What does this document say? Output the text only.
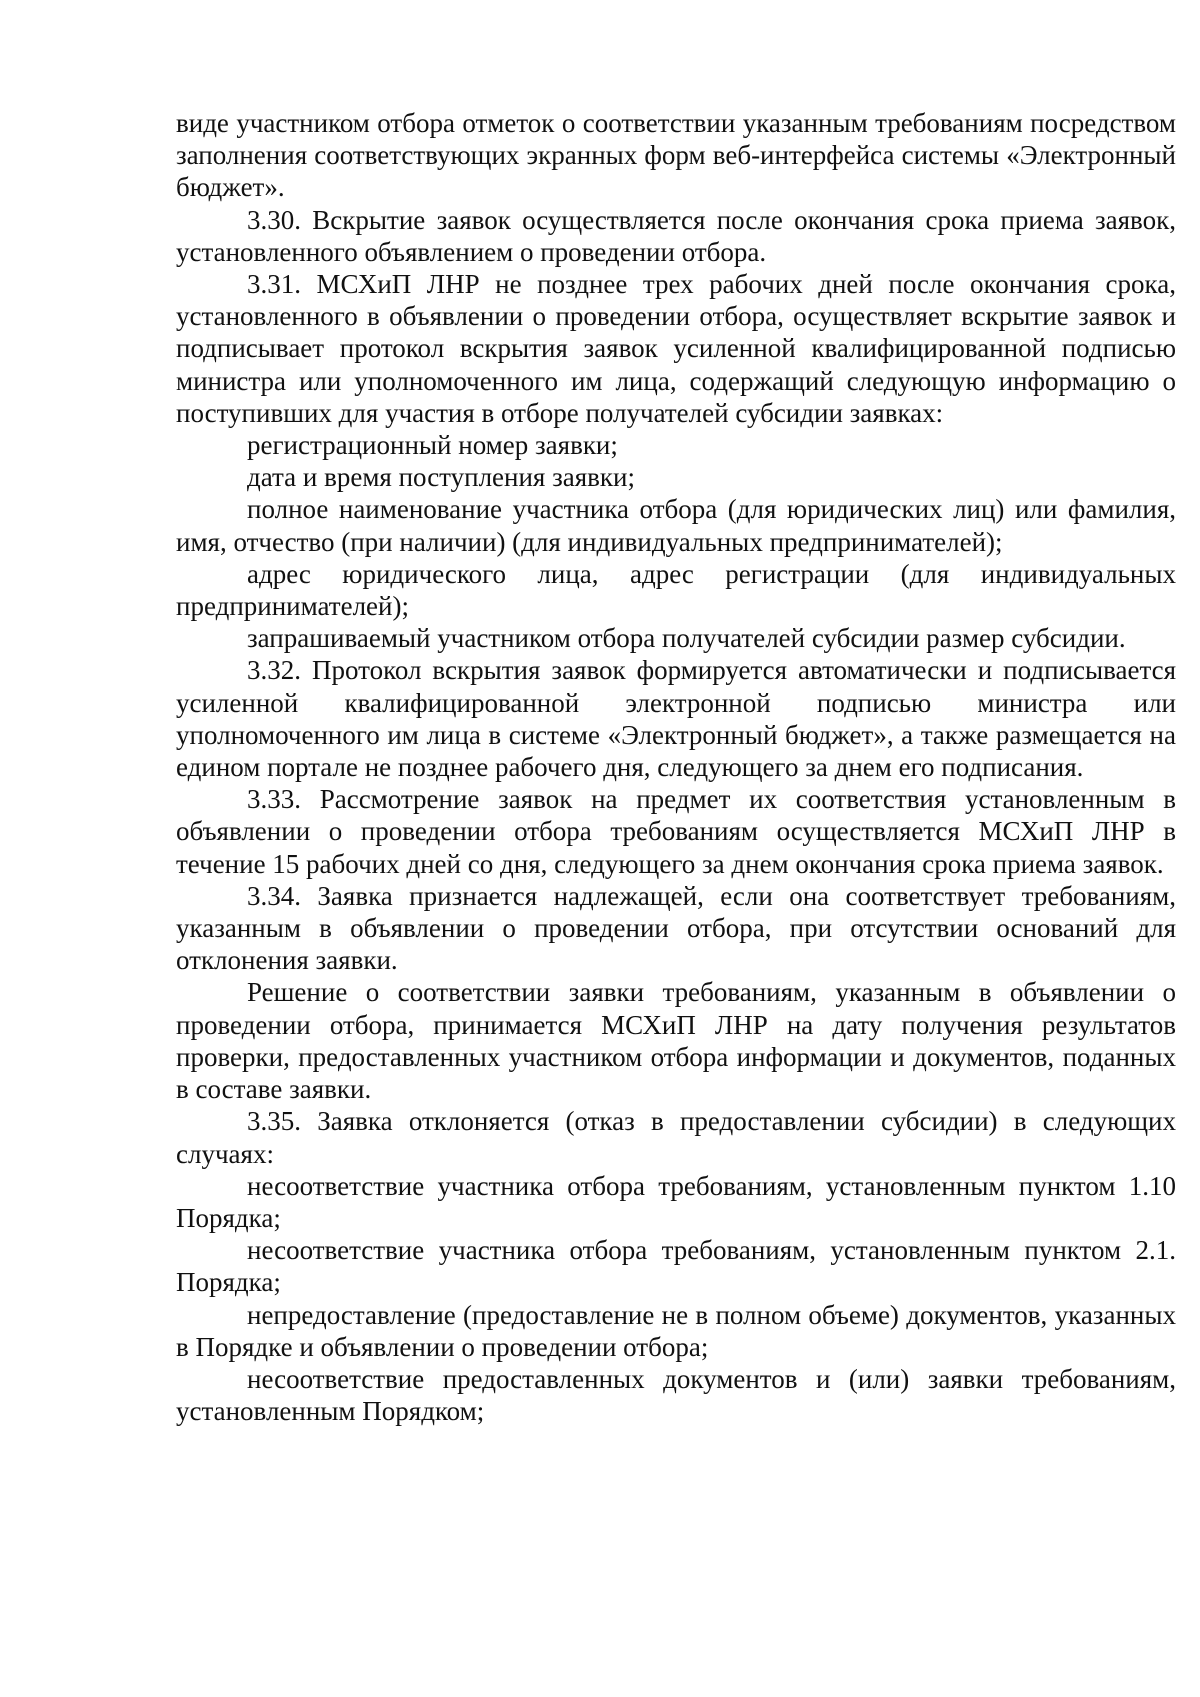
виде участником отбора отметок о соответствии указанным требованиям посредством заполнения соответствующих экранных форм веб-интерфейса системы «Электронный бюджет».

3.30. Вскрытие заявок осуществляется после окончания срока приема заявок, установленного объявлением о проведении отбора.

3.31. МСХиП ЛНР не позднее трех рабочих дней после окончания срока, установленного в объявлении о проведении отбора, осуществляет вскрытие заявок и подписывает протокол вскрытия заявок усиленной квалифицированной подписью министра или уполномоченного им лица, содержащий следующую информацию о поступивших для участия в отборе получателей субсидии заявках:

регистрационный номер заявки;

дата и время поступления заявки;

полное наименование участника отбора (для юридических лиц) или фамилия, имя, отчество (при наличии) (для индивидуальных предпринимателей);

адрес юридического лица, адрес регистрации (для индивидуальных предпринимателей);

запрашиваемый участником отбора получателей субсидии размер субсидии.

3.32. Протокол вскрытия заявок формируется автоматически и подписывается усиленной квалифицированной электронной подписью министра или уполномоченного им лица в системе «Электронный бюджет», а также размещается на едином портале не позднее рабочего дня, следующего за днем его подписания.

3.33. Рассмотрение заявок на предмет их соответствия установленным в объявлении о проведении отбора требованиям осуществляется МСХиП ЛНР в течение 15 рабочих дней со дня, следующего за днем окончания срока приема заявок.

3.34. Заявка признается надлежащей, если она соответствует требованиям, указанным в объявлении о проведении отбора, при отсутствии оснований для отклонения заявки.

Решение о соответствии заявки требованиям, указанным в объявлении о проведении отбора, принимается МСХиП ЛНР на дату получения результатов проверки, предоставленных участником отбора информации и документов, поданных в составе заявки.

3.35. Заявка отклоняется (отказ в предоставлении субсидии) в следующих случаях:

несоответствие участника отбора требованиям, установленным пунктом 1.10 Порядка;

несоответствие участника отбора требованиям, установленным пунктом 2.1. Порядка;

непредоставление (предоставление не в полном объеме) документов, указанных в Порядке и объявлении о проведении отбора;

несоответствие предоставленных документов и (или) заявки требованиям, установленным Порядком;
